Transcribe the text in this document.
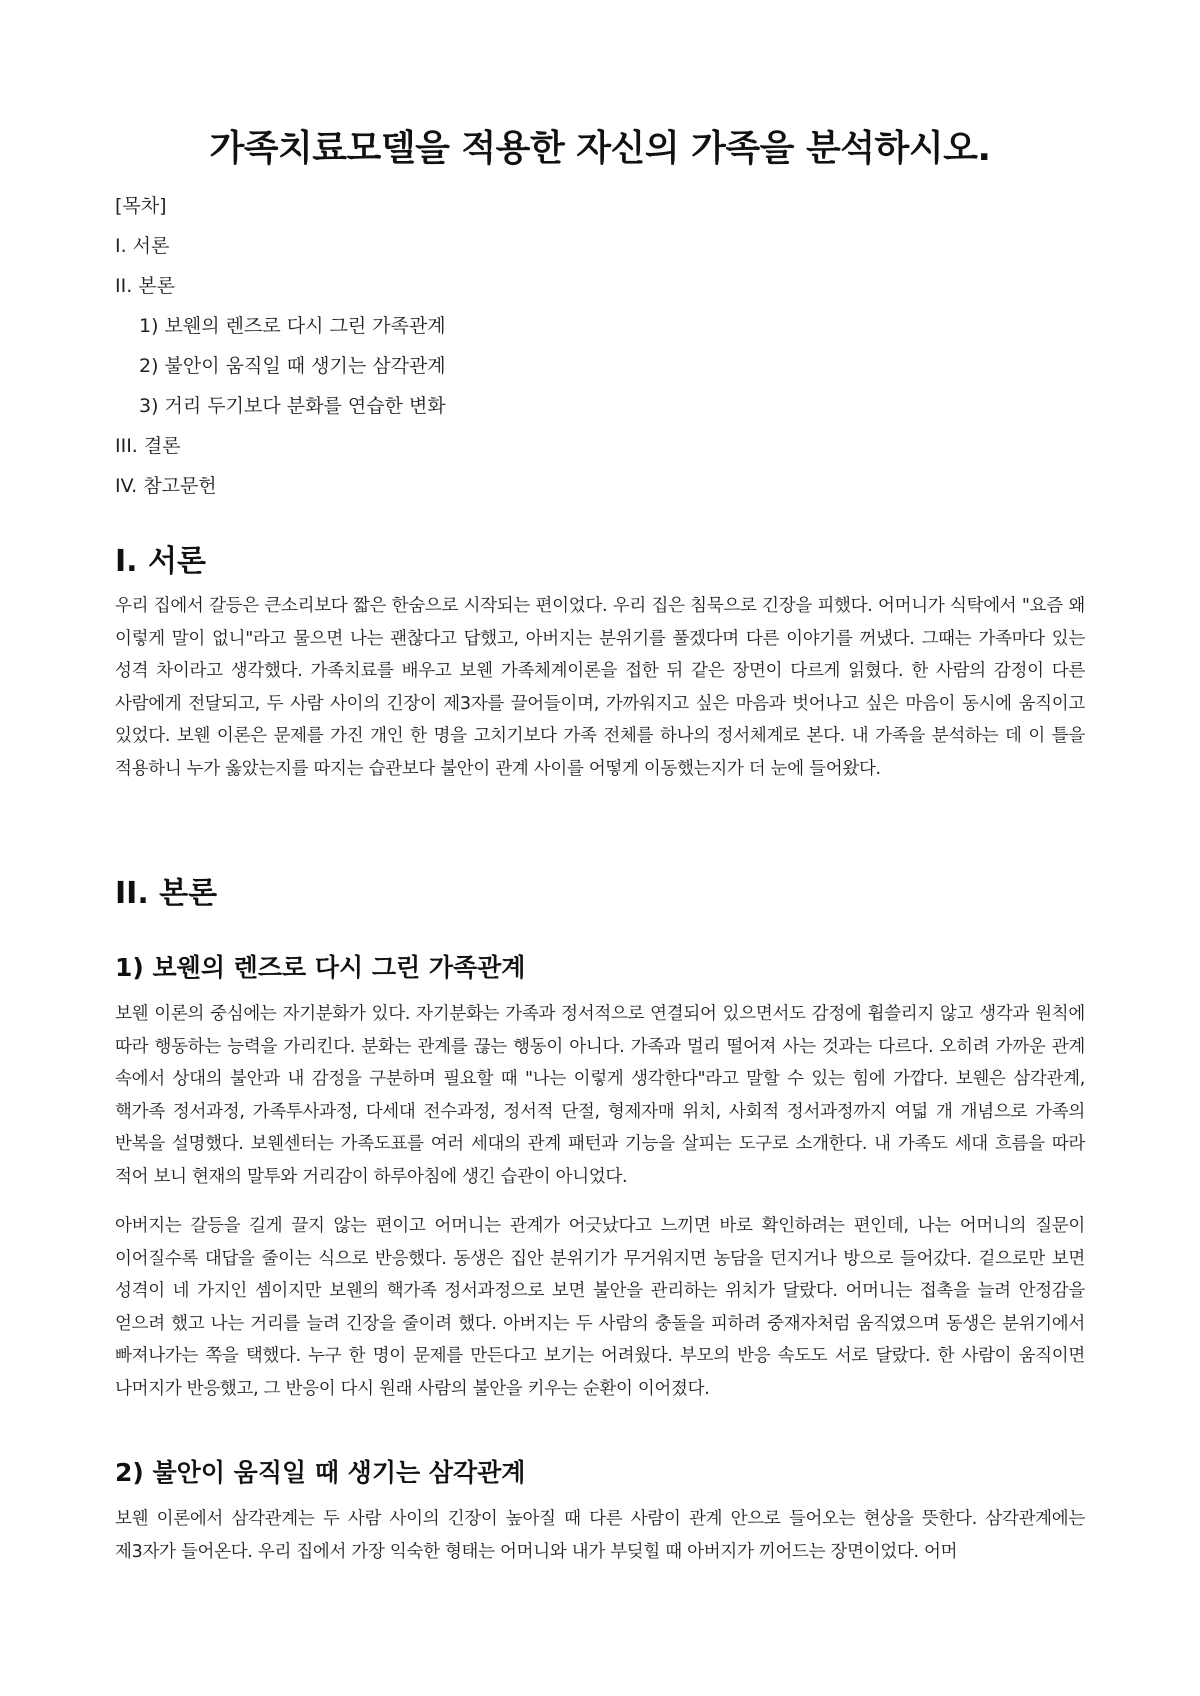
가족치료모델을 적용한 자신의 가족을 분석하시오.
[목차]
I. 서론
II. 본론
1) 보웬의 렌즈로 다시 그린 가족관계
2) 불안이 움직일 때 생기는 삼각관계
3) 거리 두기보다 분화를 연습한 변화
III. 결론
IV. 참고문헌
I. 서론

우리 집에서 갈등은 큰소리보다 짧은 한숨으로 시작되는 편이었다. 우리 집은 침묵으로 긴장을 피했다. 어머니가 식탁에서 "요즘 왜 이렇게 말이 없니"라고 물으면 나는 괜찮다고 답했고, 아버지는 분위기를 풀겠다며 다른 이야기를 꺼냈다. 그때는 가족마다 있는 성격 차이라고 생각했다. 가족치료를 배우고 보웬 가족체계이론을 접한 뒤 같은 장면이 다르게 읽혔다. 한 사람의 감정이 다른 사람에게 전달되고, 두 사람 사이의 긴장이 제3자를 끌어들이며, 가까워지고 싶은 마음과 벗어나고 싶은 마음이 동시에 움직이고 있었다. 보웬 이론은 문제를 가진 개인 한 명을 고치기보다 가족 전체를 하나의 정서체계로 본다. 내 가족을 분석하는 데 이 틀을 적용하니 누가 옳았는지를 따지는 습관보다 불안이 관계 사이를 어떻게 이동했는지가 더 눈에 들어왔다.

II. 본론
1) 보웬의 렌즈로 다시 그린 가족관계

보웬 이론의 중심에는 자기분화가 있다. 자기분화는 가족과 정서적으로 연결되어 있으면서도 감정에 휩쓸리지 않고 생각과 원칙에 따라 행동하는 능력을 가리킨다. 분화는 관계를 끊는 행동이 아니다. 가족과 멀리 떨어져 사는 것과는 다르다. 오히려 가까운 관계 속에서 상대의 불안과 내 감정을 구분하며 필요할 때 "나는 이렇게 생각한다"라고 말할 수 있는 힘에 가깝다. 보웬은 삼각관계, 핵가족 정서과정, 가족투사과정, 다세대 전수과정, 정서적 단절, 형제자매 위치, 사회적 정서과정까지 여덟 개 개념으로 가족의 반복을 설명했다. 보웬센터는 가족도표를 여러 세대의 관계 패턴과 기능을 살피는 도구로 소개한다. 내 가족도 세대 흐름을 따라 적어 보니 현재의 말투와 거리감이 하루아침에 생긴 습관이 아니었다.

아버지는 갈등을 길게 끌지 않는 편이고 어머니는 관계가 어긋났다고 느끼면 바로 확인하려는 편인데, 나는 어머니의 질문이 이어질수록 대답을 줄이는 식으로 반응했다. 동생은 집안 분위기가 무거워지면 농담을 던지거나 방으로 들어갔다. 겉으로만 보면 성격이 네 가지인 셈이지만 보웬의 핵가족 정서과정으로 보면 불안을 관리하는 위치가 달랐다. 어머니는 접촉을 늘려 안정감을 얻으려 했고 나는 거리를 늘려 긴장을 줄이려 했다. 아버지는 두 사람의 충돌을 피하려 중재자처럼 움직였으며 동생은 분위기에서 빠져나가는 쪽을 택했다. 누구 한 명이 문제를 만든다고 보기는 어려웠다. 부모의 반응 속도도 서로 달랐다. 한 사람이 움직이면 나머지가 반응했고, 그 반응이 다시 원래 사람의 불안을 키우는 순환이 이어졌다.

2) 불안이 움직일 때 생기는 삼각관계

보웬 이론에서 삼각관계는 두 사람 사이의 긴장이 높아질 때 다른 사람이 관계 안으로 들어오는 현상을 뜻한다. 삼각관계에는 제3자가 들어온다. 우리 집에서 가장 익숙한 형태는 어머니와 내가 부딪힐 때 아버지가 끼어드는 장면이었다. 어머
